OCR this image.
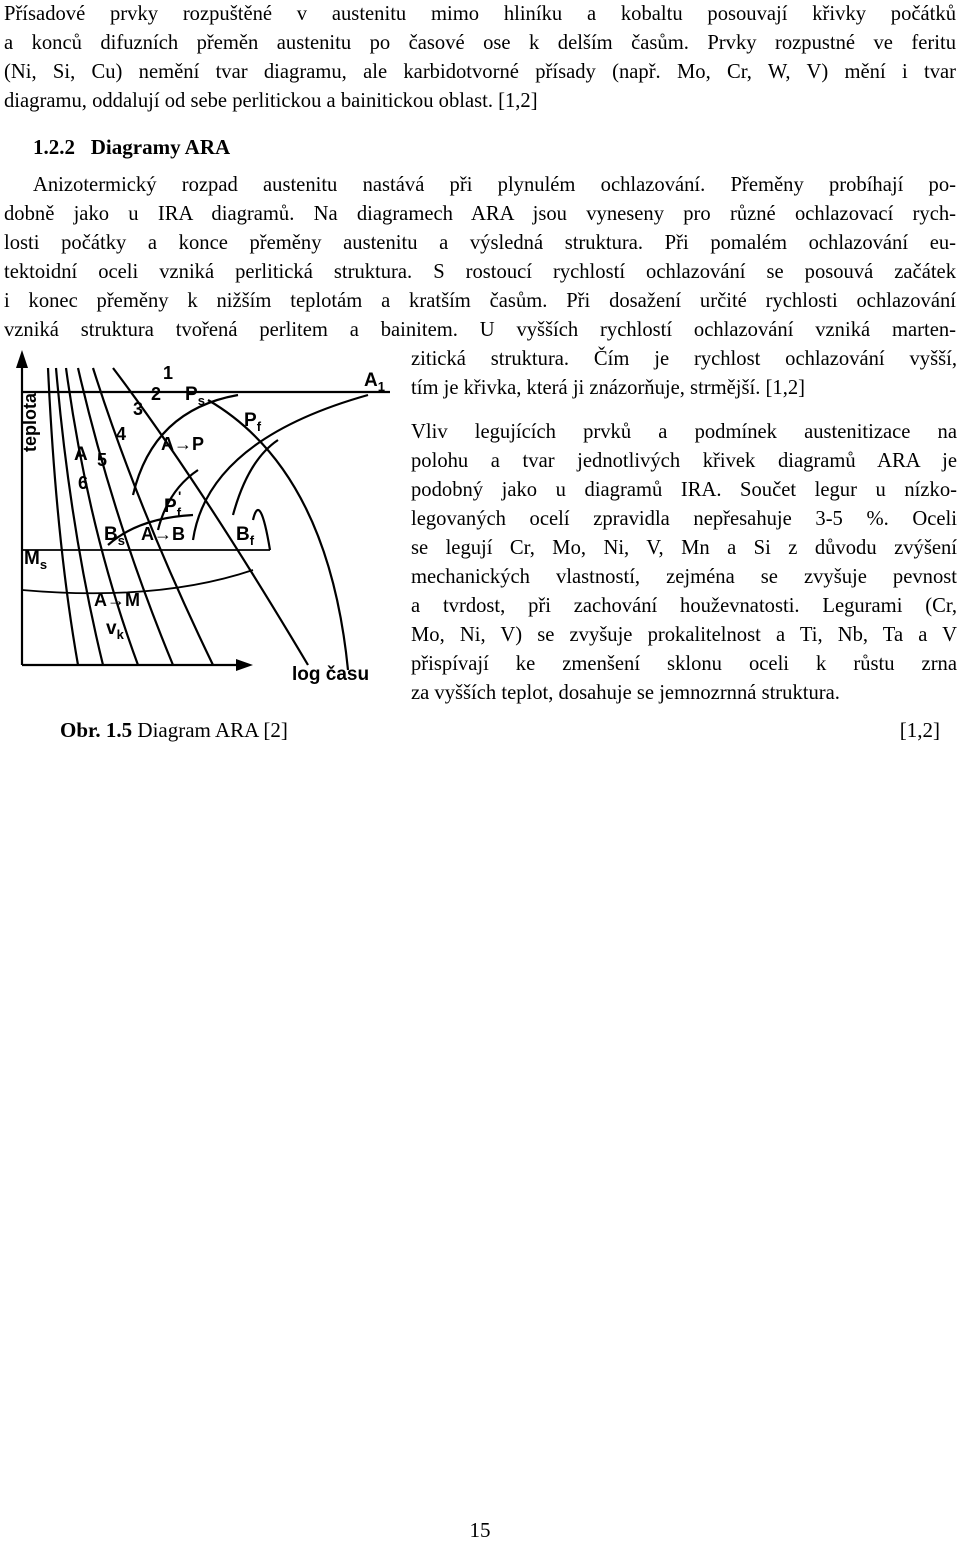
Přísadové prvky rozpuštěné v austenitu mimo hliníku a kobaltu posouvají křivky počátků
a konců difuzních přeměn austenitu po časové ose k delším časům. Prvky rozpustné ve feritu
(Ni, Si, Cu) nemění tvar diagramu, ale karbidotvorné přísady (např. Mo, Cr, W, V) mění i tvar
diagramu, oddalují od sebe perlitickou a bainitickou oblast. [1,2]
1.2.2 Diagramy ARA
Anizotermický rozpad austenitu nastává při plynulém ochlazování. Přeměny probíhají po-
dobně jako u IRA diagramů. Na diagramech ARA jsou vyneseny pro různé ochlazovací rych-
losti počátky a konce přeměny austenitu a výsledná struktura. Při pomalém ochlazování eu-
tektoidní oceli vzniká perlitická struktura. S rostoucí rychlostí ochlazování se posouvá začátek
i konec přeměny k nižším teplotám a kratším časům. Při dosažení určité rychlosti ochlazování
vzniká struktura tvořená perlitem a bainitem. U vyšších rychlostí ochlazování vzniká marten-
zitická struktura. Čím je rychlost ochlazování vyšší,
tím je křivka, která ji znázorňuje, strmější. [1,2]
Vliv legujících prvků a podmínek austenitizace na
polohu a tvar jednotlivých křivek diagramů ARA je
podobný jako u diagramů IRA. Součet legur u nízko-
legovaných ocelí zpravidla nepřesahuje 3-5 %. Oceli
se legují Cr, Mo, Ni, V, Mn a Si z důvodu zvýšení
mechanických vlastností, zejména se zvyšuje pevnost
a tvrdost, při zachování houževnatosti. Legurami (Cr,
Mo, Ni, V) se zvyšuje prokalitelnost a Ti, Nb, Ta a V
přispívají ke zmenšení sklonu oceli k růstu zrna
za vyšších teplot, dosahuje se jemnozrnná struktura.
teplota
log času
1
2
3
4
5
6
$A_1$
$P_s$
$P_f$
A→P
A
$P_f'$
$B_s$ A→B	$B_f$
$M_s$
A→M
$v_k$
Obr. 1.5 Diagram ARA [2]	[1,2]
15
